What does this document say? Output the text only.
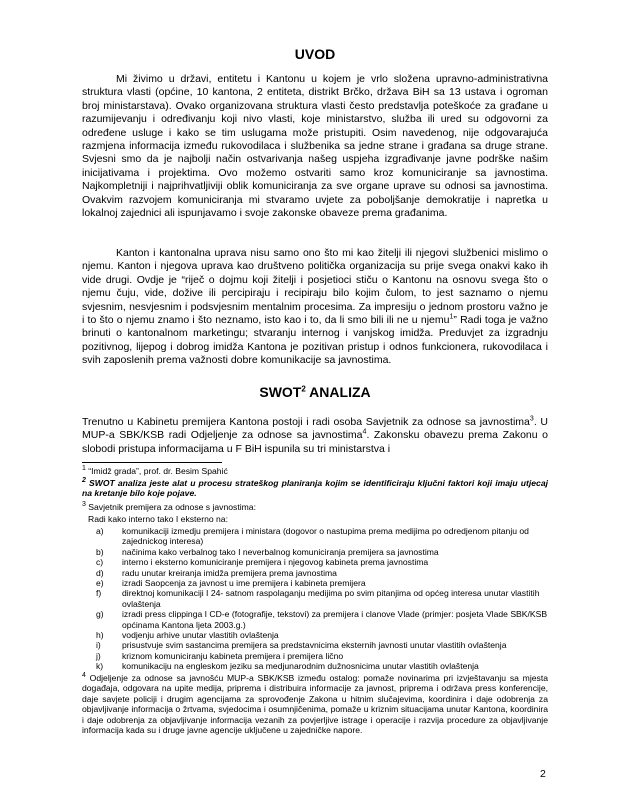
UVOD

Mi živimo u državi, entitetu i Kantonu u kojem je vrlo složena upravno-administrativna struktura vlasti (općine, 10 kantona, 2 entiteta, distrikt Brčko, država BiH sa 13 ustava i ogroman broj ministarstava). Ovako organizovana struktura vlasti često predstavlja poteškoće za građane u razumijevanju i određivanju koji nivo vlasti, koje ministarstvo, služba ili ured su odgovorni za određene usluge i kako se tim uslugama može pristupiti. Osim navedenog, nije odgovarajuća razmjena informacija između rukovodilaca i službenika sa jedne strane i građana sa druge strane. Svjesni smo da je najbolji način ostvarivanja našeg uspjeha izgrađivanje javne podrške našim inicijativama i projektima. Ovo možemo ostvariti samo kroz komuniciranje sa javnostima. Najkompletniji i najprihvatljiviji oblik komuniciranja za sve organe uprave su odnosi sa javnostima. Ovakvim razvojem komuniciranja mi stvaramo uvjete za poboljšanje demokratije i napretka u lokalnoj zajednici ali ispunjavamo i svoje zakonske obaveze prema građanima.

Kanton i kantonalna uprava nisu samo ono što mi kao žitelji ili njegovi službenici mislimo o njemu. Kanton i njegova uprava kao društveno politička organizacija su prije svega onakvi kako ih vide drugi. Ovdje je “riječ o dojmu koji žitelji i posjetioci stiču o Kantonu na osnovu svega što o njemu čuju, vide, dožive ili percipiraju i recipiraju bilo kojim čulom, to jest saznamo o njemu svjesnim, nesvjesnim i podsvjesnim mentalnim procesima. Za impresiju o jednom prostoru važno je i to što o njemu znamo i što neznamo, isto kao i to, da li smo bili ili ne u njemu$^1$” Radi toga je važno brinuti o kantonalnom marketingu; stvaranju internog i vanjskog imidža. Preduvjet za izgradnju pozitivnog, lijepog i dobrog imidža Kantona je pozitivan pristup i odnos funkcionera, rukovodilaca i svih zaposlenih prema važnosti dobre komunikacije sa javnostima.

SWOT$^2$ ANALIZA

Trenutno u Kabinetu premijera Kantona postoji i radi osoba Savjetnik za odnose sa javnostima$^3$. U MUP-a SBK/KSB radi Odjeljenje za odnose sa javnostima$^4$. Zakonsku obavezu prema Zakonu o slobodi pristupa informacijama u F BiH ispunila su tri ministarstva i

$^1$ “Imidž grada”, prof. dr. Besim Spahić

$^2$ SWOT analiza jeste alat u procesu strateškog planiranja kojim se identificiraju ključni faktori koji imaju utjecaj na kretanje bilo koje pojave.

$^3$ Savjetnik premijera za odnose s javnostima:

Radi kako interno tako I eksterno na:
a) komunikaciji izmedju premijera i ministara (dogovor o nastupima prema medijima po odredjenom pitanju od zajednickog interesa)
b) načinima kako verbalnog tako I neverbalnog komuniciranja premijera sa javnostima
c) interno i eksterno komuniciranje premijera i njegovog kabineta prema javnostima
d) radu unutar kreiranja imidža premijera prema javnostima
e) izradi Saopcenja za javnost u ime premijera i kabineta premijera
f) direktnoj komunikaciji I 24- satnom raspolaganju medijima po svim pitanjima od općeg interesa unutar vlastitih ovlaštenja
g) izradi press clippinga I CD-e (fotografije, tekstovi) za premijera i clanove Vlade (primjer: posjeta Vlade SBK/KSB općinama Kantona ljeta 2003.g.)
h) vodjenju arhive unutar vlastitih ovlaštenja
i) prisustvuje svim sastancima premijera sa predstavnicima eksternih javnosti unutar vlastitih ovlaštenja
j) kriznom komuniciranju kabineta premijera i premijera lično
k) komunikaciju na engleskom jeziku sa medjunarodnim dužnosnicima unutar vlastitih ovlaštenja

$^4$ Odjeljenje za odnose sa javnošću MUP-a SBK/KSB između ostalog: pomaže novinarima pri izvještavanju sa mjesta događaja, odgovara na upite medija, priprema i distribuira informacije za javnost, priprema i održava press konferencije, daje savjete policiji i drugim agencijama za sprovođenje Zakona u hitnim slučajevima, koordinira i daje odobrenja za objavljivanje informacija o žrtvama, svjedocima i osumnjičenima, pomaže u kriznim situacijama unutar Kantona, koordinira i daje odobrenja za objavljivanje informacija vezanih za povjerljive istrage i operacije i razvija procedure za objavljivanje informacija kada su i druge javne agencije uključene u zajedničke napore.

2
